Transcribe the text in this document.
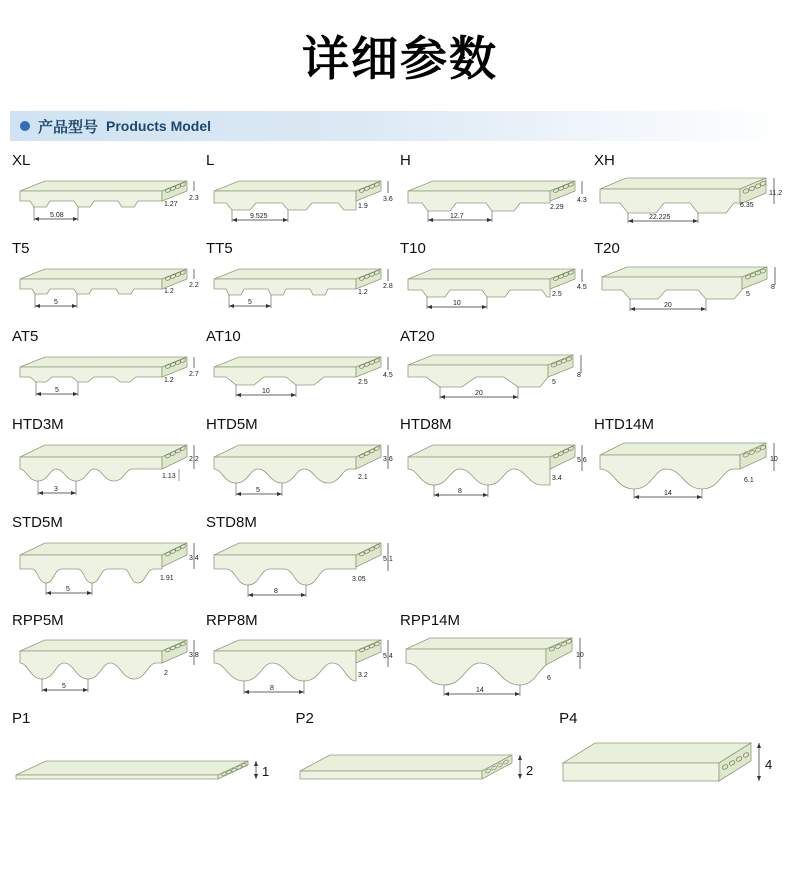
详细参数
产品型号 Products Model
XL
5.08
2.3
1.27
L
9.525
3.6
1.9
H
12.7
4.3
2.29
XH
22.225
11.2
6.35
T5
5
2.2
1.2
TT5
5
2.8
1.2
T10
10
4.5
2.5
T20
20
8
5
AT5
5
2.7
1.2
AT10
10
4.5
2.5
AT20
20
8
5
HTD3M
3
2.2
1.13
HTD5M
5
3.6
2.1
HTD8M
8
5.6
3.4
HTD14M
14
10
6.1
STD5M
5
3.4
1.91
STD8M
8
5.1
3.05
RPP5M
5
3.8
2
RPP8M
8
5.4
3.2
RPP14M
14
10
6
P1
1
P2
2
P4
4
